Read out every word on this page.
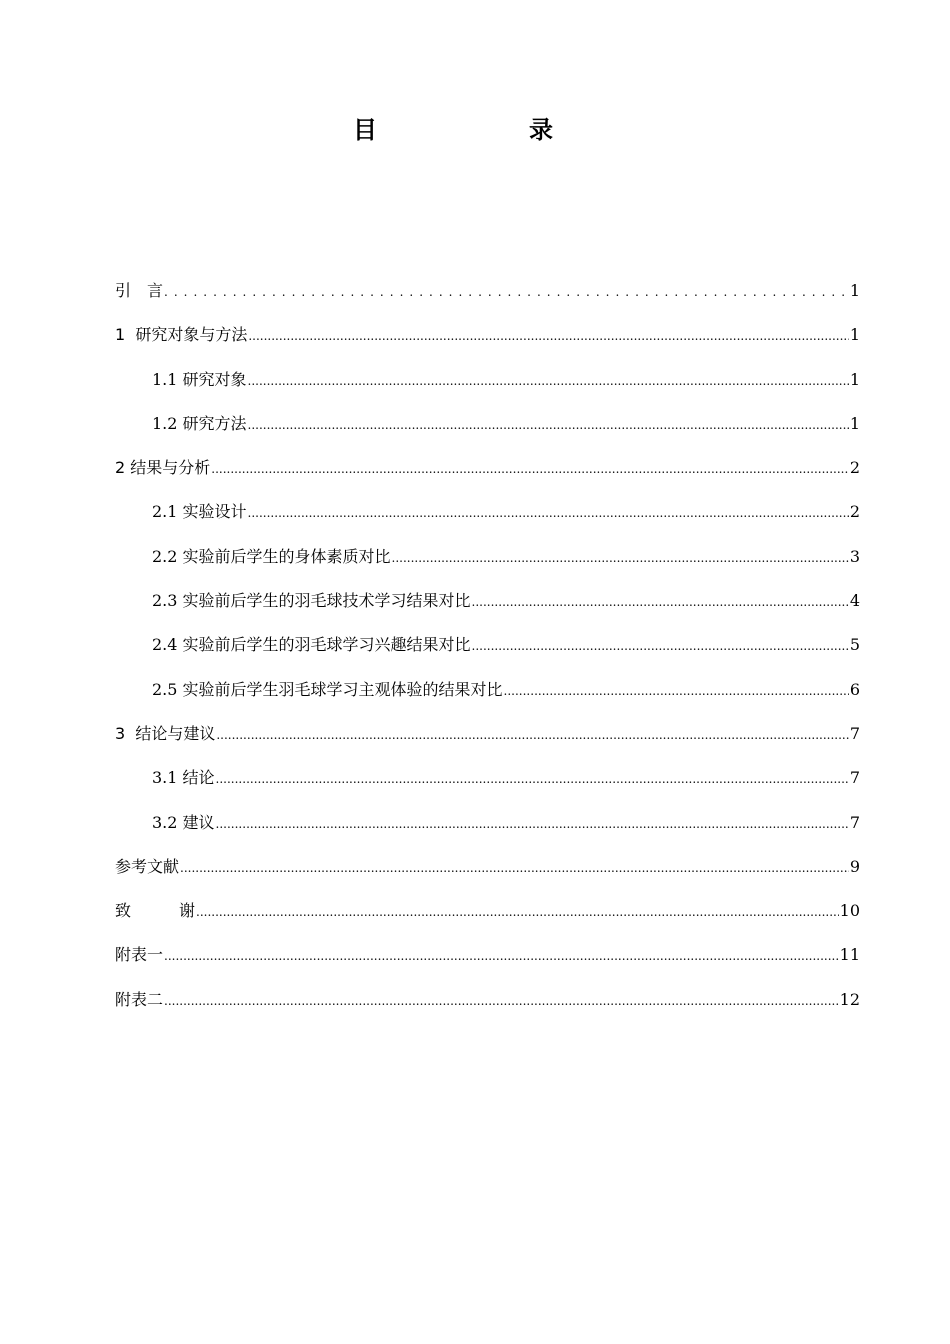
目　录
引　言 .....	1
1  研究对象与方法 .....	1
1.1 研究对象 .....	1
1.2 研究方法 .....	1
2 结果与分析 .....	2
2.1 实验设计 .....	2
2.2 实验前后学生的身体素质对比 .....	3
2.3 实验前后学生的羽毛球技术学习结果对比 .....	4
2.4 实验前后学生的羽毛球学习兴趣结果对比 .....	5
2.5 实验前后学生羽毛球学习主观体验的结果对比 .....	6
3  结论与建议 .....	7
3.1 结论 .....	7
3.2 建议 .....	7
参考文献 .....	9
致　　　谢 .....	10
附表一 .....	11
附表二 .....	12
